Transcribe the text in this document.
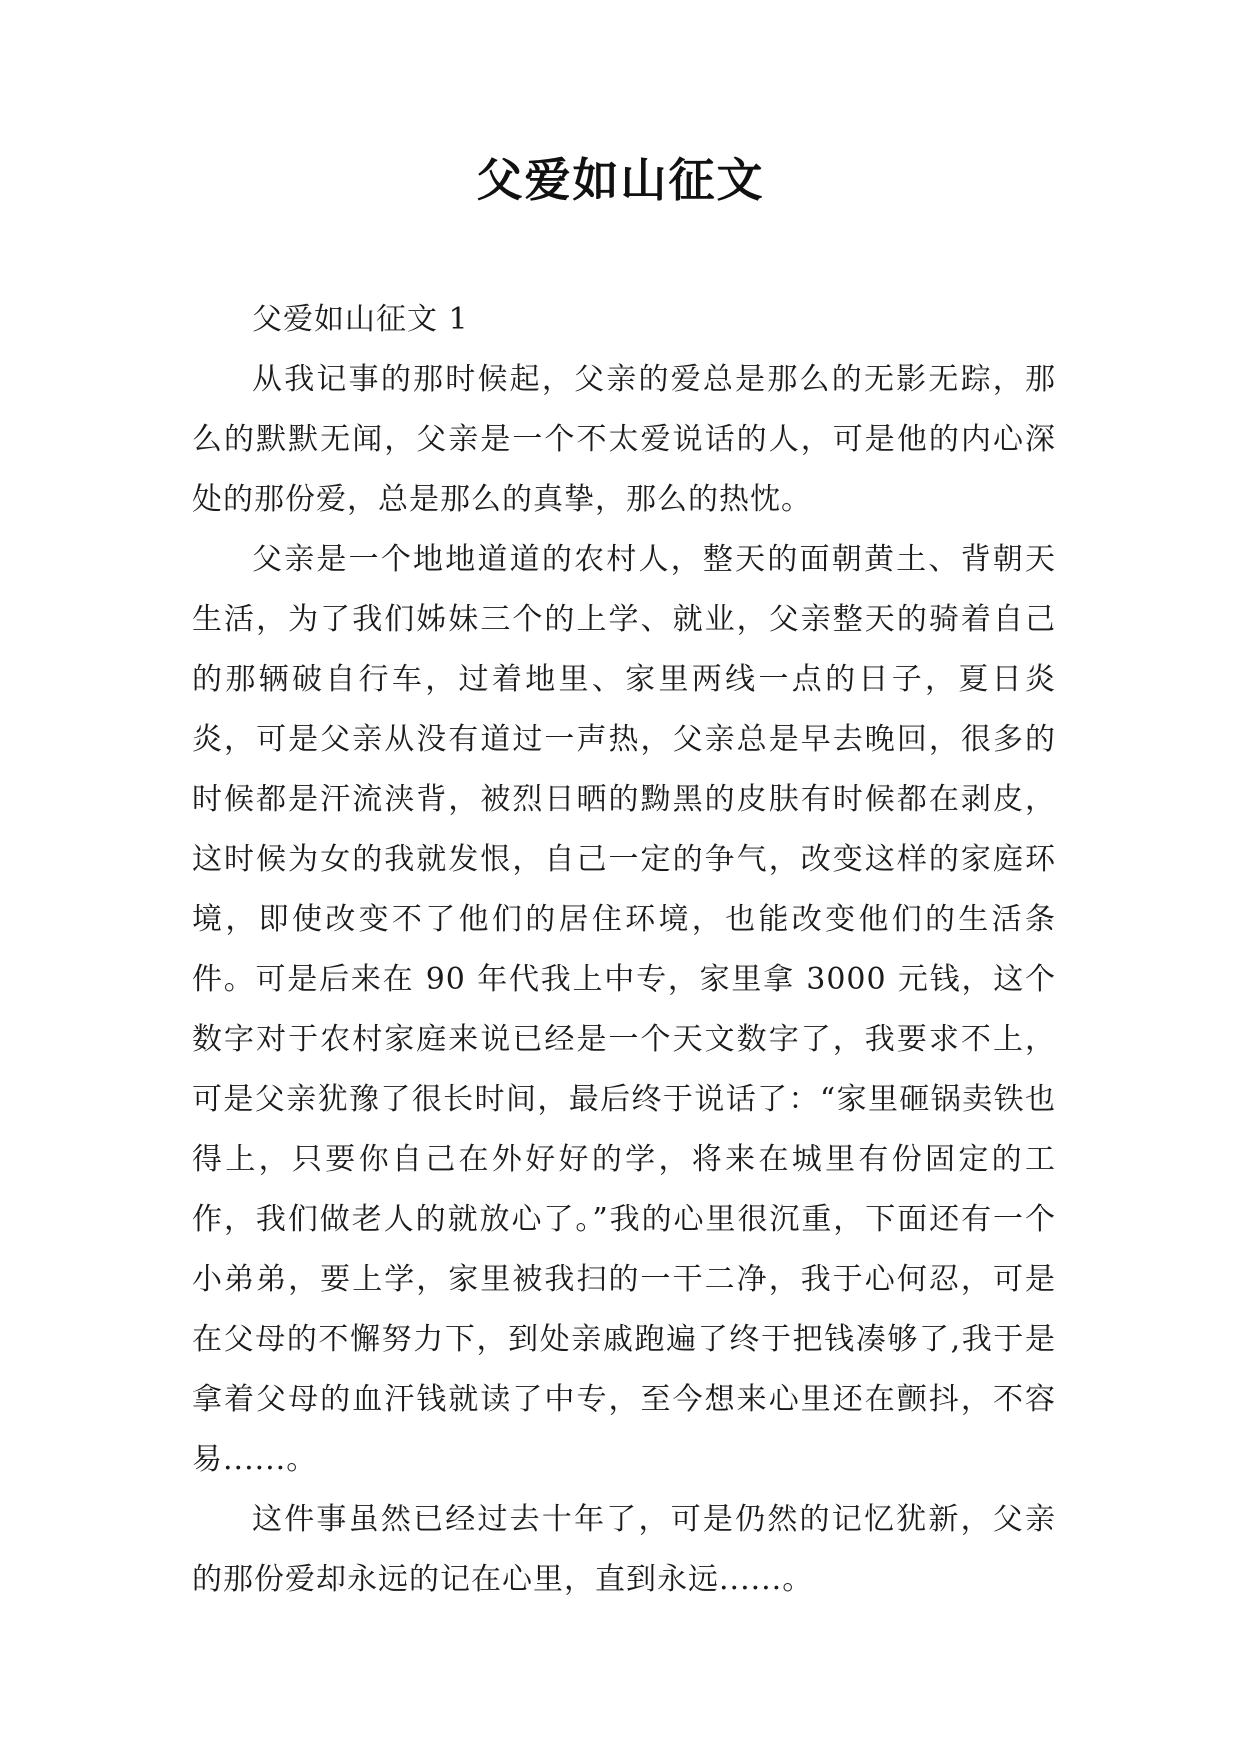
父爱如山征文

父爱如山征文 1

从我记事的那时候起，父亲的爱总是那么的无影无踪，那么的默默无闻，父亲是一个不太爱说话的人，可是他的内心深处的那份爱，总是那么的真挚，那么的热忱。

父亲是一个地地道道的农村人，整天的面朝黄土、背朝天生活，为了我们姊妹三个的上学、就业，父亲整天的骑着自己的那辆破自行车，过着地里、家里两线一点的日子，夏日炎炎，可是父亲从没有道过一声热，父亲总是早去晚回，很多的时候都是汗流浃背，被烈日晒的黝黑的皮肤有时候都在剥皮，这时候为女的我就发恨，自己一定的争气，改变这样的家庭环境，即使改变不了他们的居住环境，也能改变他们的生活条件。可是后来在 90 年代我上中专，家里拿 3000 元钱，这个数字对于农村家庭来说已经是一个天文数字了，我要求不上，可是父亲犹豫了很长时间，最后终于说话了：“家里砸锅卖铁也得上，只要你自己在外好好的学，将来在城里有份固定的工作，我们做老人的就放心了。”我的心里很沉重，下面还有一个小弟弟，要上学，家里被我扫的一干二净，我于心何忍，可是在父母的不懈努力下，到处亲戚跑遍了终于把钱凑够了,我于是拿着父母的血汗钱就读了中专，至今想来心里还在颤抖，不容易......。

这件事虽然已经过去十年了，可是仍然的记忆犹新，父亲的那份爱却永远的记在心里，直到永远......。
